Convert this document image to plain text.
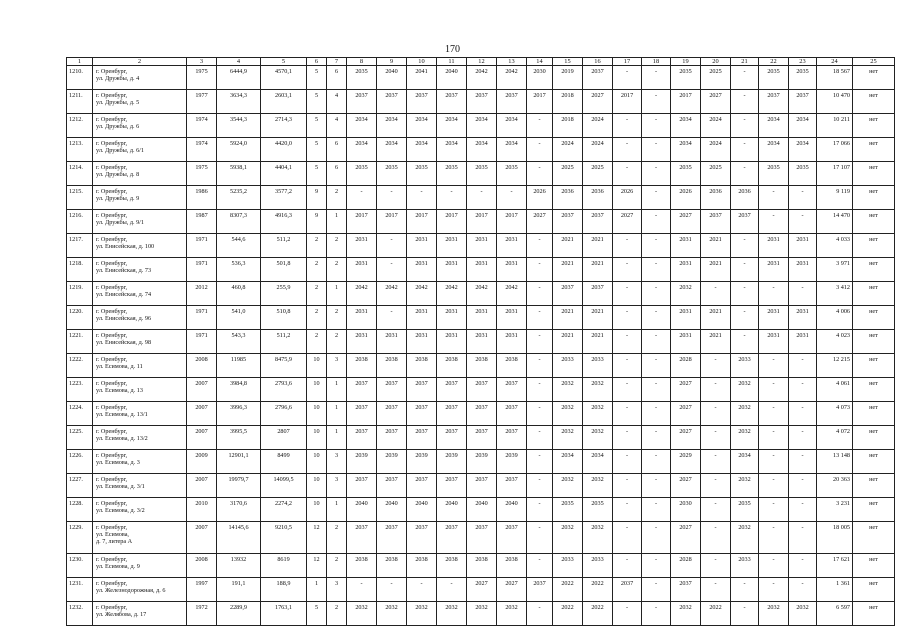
170
1	2	3	4	5	6	7	8	9	10	11	12	13	14	15	16	17	18	19	20	21	22	23	24	25
1210.	г. Оренбург,
ул. Дружбы, д. 4	1975	6444,9	4570,1	5	6	2035	2040	2041	2040	2042	2042	2030	2019	2037	-	-	2035	2025	-	2035	2035	18 567	нет
1211.	г. Оренбург,
ул. Дружбы, д. 5	1977	3634,3	2603,1	5	4	2037	2037	2037	2037	2037	2037	2017	2018	2027	2017	-	2017	2027	-	2037	2037	10 470	нет
1212.	г. Оренбург,
ул. Дружбы, д. 6	1974	3544,3	2714,3	5	4	2034	2034	2034	2034	2034	2034	-	2018	2024	-	-	2034	2024	-	2034	2034	10 211	нет
1213.	г. Оренбург,
ул. Дружбы, д. 6/1	1974	5924,0	4420,0	5	6	2034	2034	2034	2034	2034	2034	-	2024	2024	-	-	2034	2024	-	2034	2034	17 066	нет
1214.	г. Оренбург,
ул. Дружбы, д. 8	1975	5938,1	4404,1	5	6	2035	2035	2035	2035	2035	2035	-	2025	2025	-	-	2035	2025	-	2035	2035	17 107	нет
1215.	г. Оренбург,
ул. Дружбы, д. 9	1986	5235,2	3577,2	9	2	-	-	-	-	-	-	2026	2036	2036	2026	-	2026	2036	2036	-	-	9 119	нет
1216.	г. Оренбург,
ул. Дружбы, д. 9/1	1987	8307,3	4916,3	9	1	2017	2017	2017	2017	2017	2017	2027	2037	2037	2027	-	2027	2037	2037	-	-	14 470	нет
1217.	г. Оренбург,
ул. Енисейская, д. 100	1971	544,6	511,2	2	2	2031	-	2031	2031	2031	2031	-	2021	2021	-	-	2031	2021	-	2031	2031	4 033	нет
1218.	г. Оренбург,
ул. Енисейская, д. 73	1971	536,3	501,8	2	2	2031	-	2031	2031	2031	2031	-	2021	2021	-	-	2031	2021	-	2031	2031	3 971	нет
1219.	г. Оренбург,
ул. Енисейская, д. 74	2012	460,8	255,9	2	1	2042	2042	2042	2042	2042	2042	-	2037	2037	-	-	2032	-	-	-	-	3 412	нет
1220.	г. Оренбург,
ул. Енисейская, д. 96	1971	541,0	510,8	2	2	2031	-	2031	2031	2031	2031	-	2021	2021	-	-	2031	2021	-	2031	2031	4 006	нет
1221.	г. Оренбург,
ул. Енисейская, д. 98	1971	543,3	511,2	2	2	2031	2031	2031	2031	2031	2031	-	2021	2021	-	-	2031	2021	-	2031	2031	4 023	нет
1222.	г. Оренбург,
ул. Есимова, д. 11	2008	11985	8475,9	10	3	2038	2038	2038	2038	2038	2038	-	2033	2033	-	-	2028	-	2033	-	-	12 215	нет
1223.	г. Оренбург,
ул. Есимова, д. 13	2007	3984,8	2793,6	10	1	2037	2037	2037	2037	2037	2037	-	2032	2032	-	-	2027	-	2032	-	-	4 061	нет
1224.	г. Оренбург,
ул. Есимова, д. 13/1	2007	3996,3	2796,6	10	1	2037	2037	2037	2037	2037	2037	-	2032	2032	-	-	2027	-	2032	-	-	4 073	нет
1225.	г. Оренбург,
ул. Есимова, д. 13/2	2007	3995,5	2807	10	1	2037	2037	2037	2037	2037	2037	-	2032	2032	-	-	2027	-	2032	-	-	4 072	нет
1226.	г. Оренбург,
ул. Есимова, д. 3	2009	12901,1	8499	10	3	2039	2039	2039	2039	2039	2039	-	2034	2034	-	-	2029	-	2034	-	-	13 148	нет
1227.	г. Оренбург,
ул. Есимова, д. 3/1	2007	19979,7	14099,5	10	3	2037	2037	2037	2037	2037	2037	-	2032	2032	-	-	2027	-	2032	-	-	20 363	нет
1228.	г. Оренбург,
ул. Есимова, д. 3/2	2010	3170,6	2274,2	10	1	2040	2040	2040	2040	2040	2040	-	2035	2035	-	-	2030	-	2035	-	-	3 231	нет
1229.	г. Оренбург,
ул. Есимова,
д. 7, литера А	2007	14145,6	9210,5	12	2	2037	2037	2037	2037	2037	2037	-	2032	2032	-	-	2027	-	2032	-	-	18 005	нет
1230.	г. Оренбург,
ул. Есимова, д. 9	2008	13932	8619	12	2	2038	2038	2038	2038	2038	2038	-	2033	2033	-	-	2028	-	2033	-	-	17 621	нет
1231.	г. Оренбург,
ул. Железнодорожная, д. 6	1997	191,1	188,9	1	3	-	-	-	-	2027	2027	2037	2022	2022	2037	-	2037	-	-	-	-	1 361	нет
1232.	г. Оренбург,
ул. Желябова, д. 17	1972	2289,9	1763,1	5	2	2032	2032	2032	2032	2032	2032	-	2022	2022	-	-	2032	2022	-	2032	2032	6 597	нет
